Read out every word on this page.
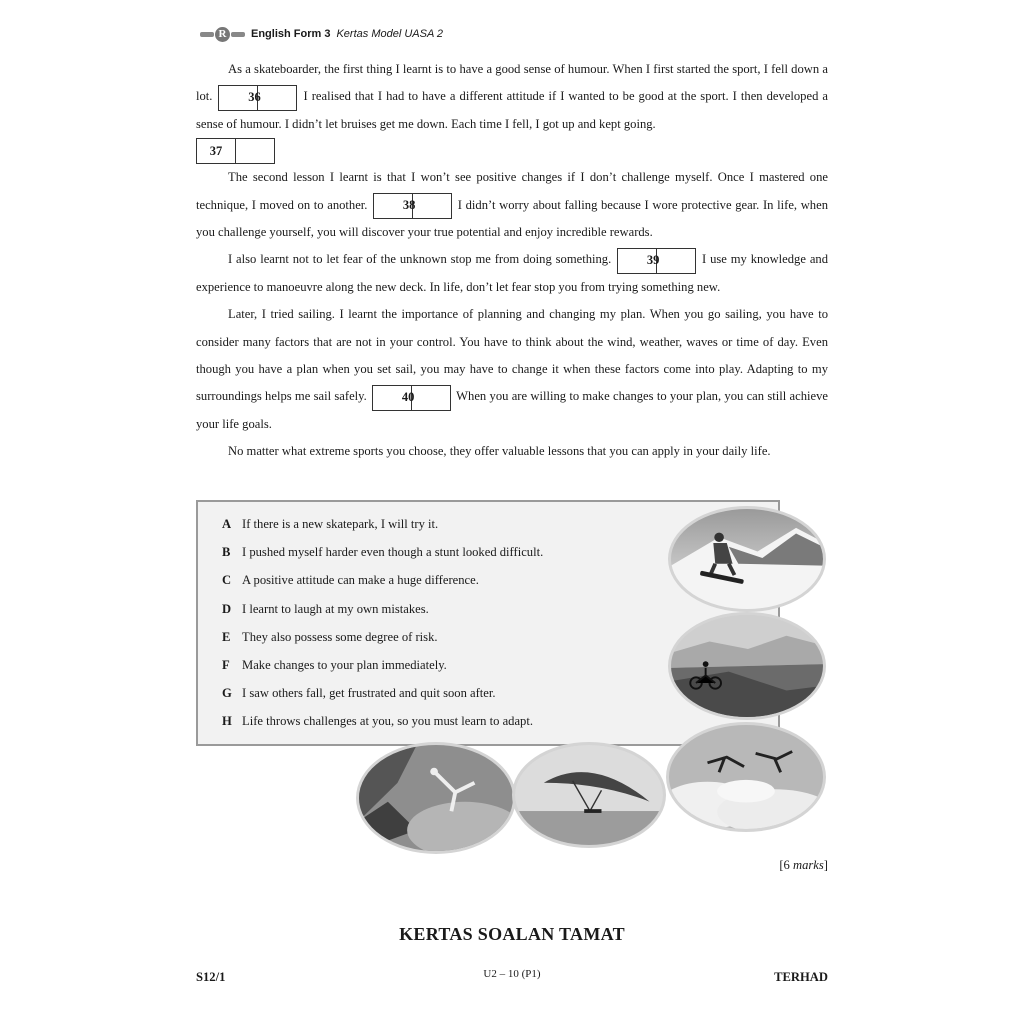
R	English Form 3 Kertas Model UASA 2

As a skateboarder, the first thing I learnt is to have a good sense of humour. When I first started the sport, I fell down a lot.	36	I realised that I had to have a different attitude if I wanted to be good at the sport. I then developed a sense of humour. I didn’t let bruises get me down. Each time I fell, I got up and kept going.

37

The second lesson I learnt is that I won’t see positive changes if I don’t challenge myself. Once I mastered one technique, I moved on to another.	38	I didn’t worry about falling because I wore protective gear. In life, when you challenge yourself, you will discover your true potential and enjoy incredible rewards.

I also learnt not to let fear of the unknown stop me from doing something.	39	I use my knowledge and experience to manoeuvre along the new deck. In life, don’t let fear stop you from trying something new.

Later, I tried sailing. I learnt the importance of planning and changing my plan. When you go sailing, you have to consider many factors that are not in your control. You have to think about the wind, weather, waves or time of day. Even though you have a plan when you set sail, you may have to change it when these factors come into play. Adapting to my surroundings helps me sail safely.	40	When you are willing to make changes to your plan, you can still achieve your life goals.

No matter what extreme sports you choose, they offer valuable lessons that you can apply in your daily life.

A If there is a new skatepark, I will try it.
B I pushed myself harder even though a stunt looked difficult.
C A positive attitude can make a huge difference.
D I learnt to laugh at my own mistakes.
E They also possess some degree of risk.
F Make changes to your plan immediately.
G I saw others fall, get frustrated and quit soon after.
H Life throws challenges at you, so you must learn to adapt.
[6 marks]
KERTAS SOALAN TAMAT
S12/1	U2 – 10 (P1)	TERHAD
